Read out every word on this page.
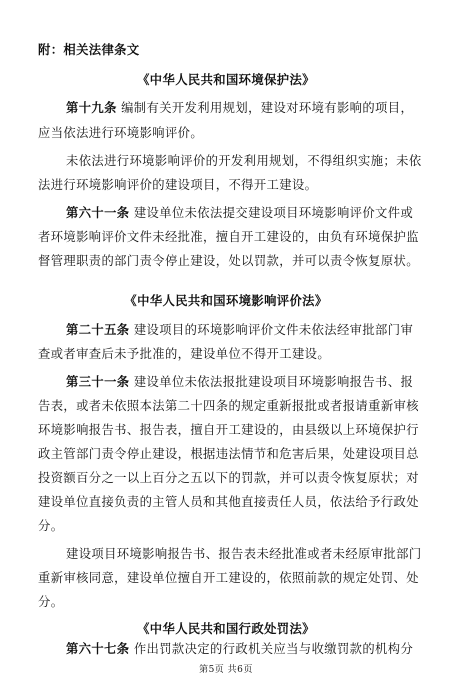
附：相关法律条文
《中华人民共和国环境保护法》
第十九条 编制有关开发利用规划，建设对环境有影响的项目，
应当依法进行环境影响评价。
未依法进行环境影响评价的开发利用规划，不得组织实施；未依
法进行环境影响评价的建设项目，不得开工建设。
第六十一条 建设单位未依法提交建设项目环境影响评价文件或
者环境影响评价文件未经批准，擅自开工建设的，由负有环境保护监
督管理职责的部门责令停止建设，处以罚款，并可以责令恢复原状。
《中华人民共和国环境影响评价法》
第二十五条 建设项目的环境影响评价文件未依法经审批部门审
查或者审查后未予批准的，建设单位不得开工建设。
第三十一条 建设单位未依法报批建设项目环境影响报告书、报
告表，或者未依照本法第二十四条的规定重新报批或者报请重新审核
环境影响报告书、报告表，擅自开工建设的，由县级以上环境保护行
政主管部门责令停止建设，根据违法情节和危害后果，处建设项目总
投资额百分之一以上百分之五以下的罚款，并可以责令恢复原状；对
建设单位直接负责的主管人员和其他直接责任人员，依法给予行政处
分。
建设项目环境影响报告书、报告表未经批准或者未经原审批部门
重新审核同意，建设单位擅自开工建设的，依照前款的规定处罚、处
分。
《中华人民共和国行政处罚法》
第六十七条 作出罚款决定的行政机关应当与收缴罚款的机构分
第5页 共6页
